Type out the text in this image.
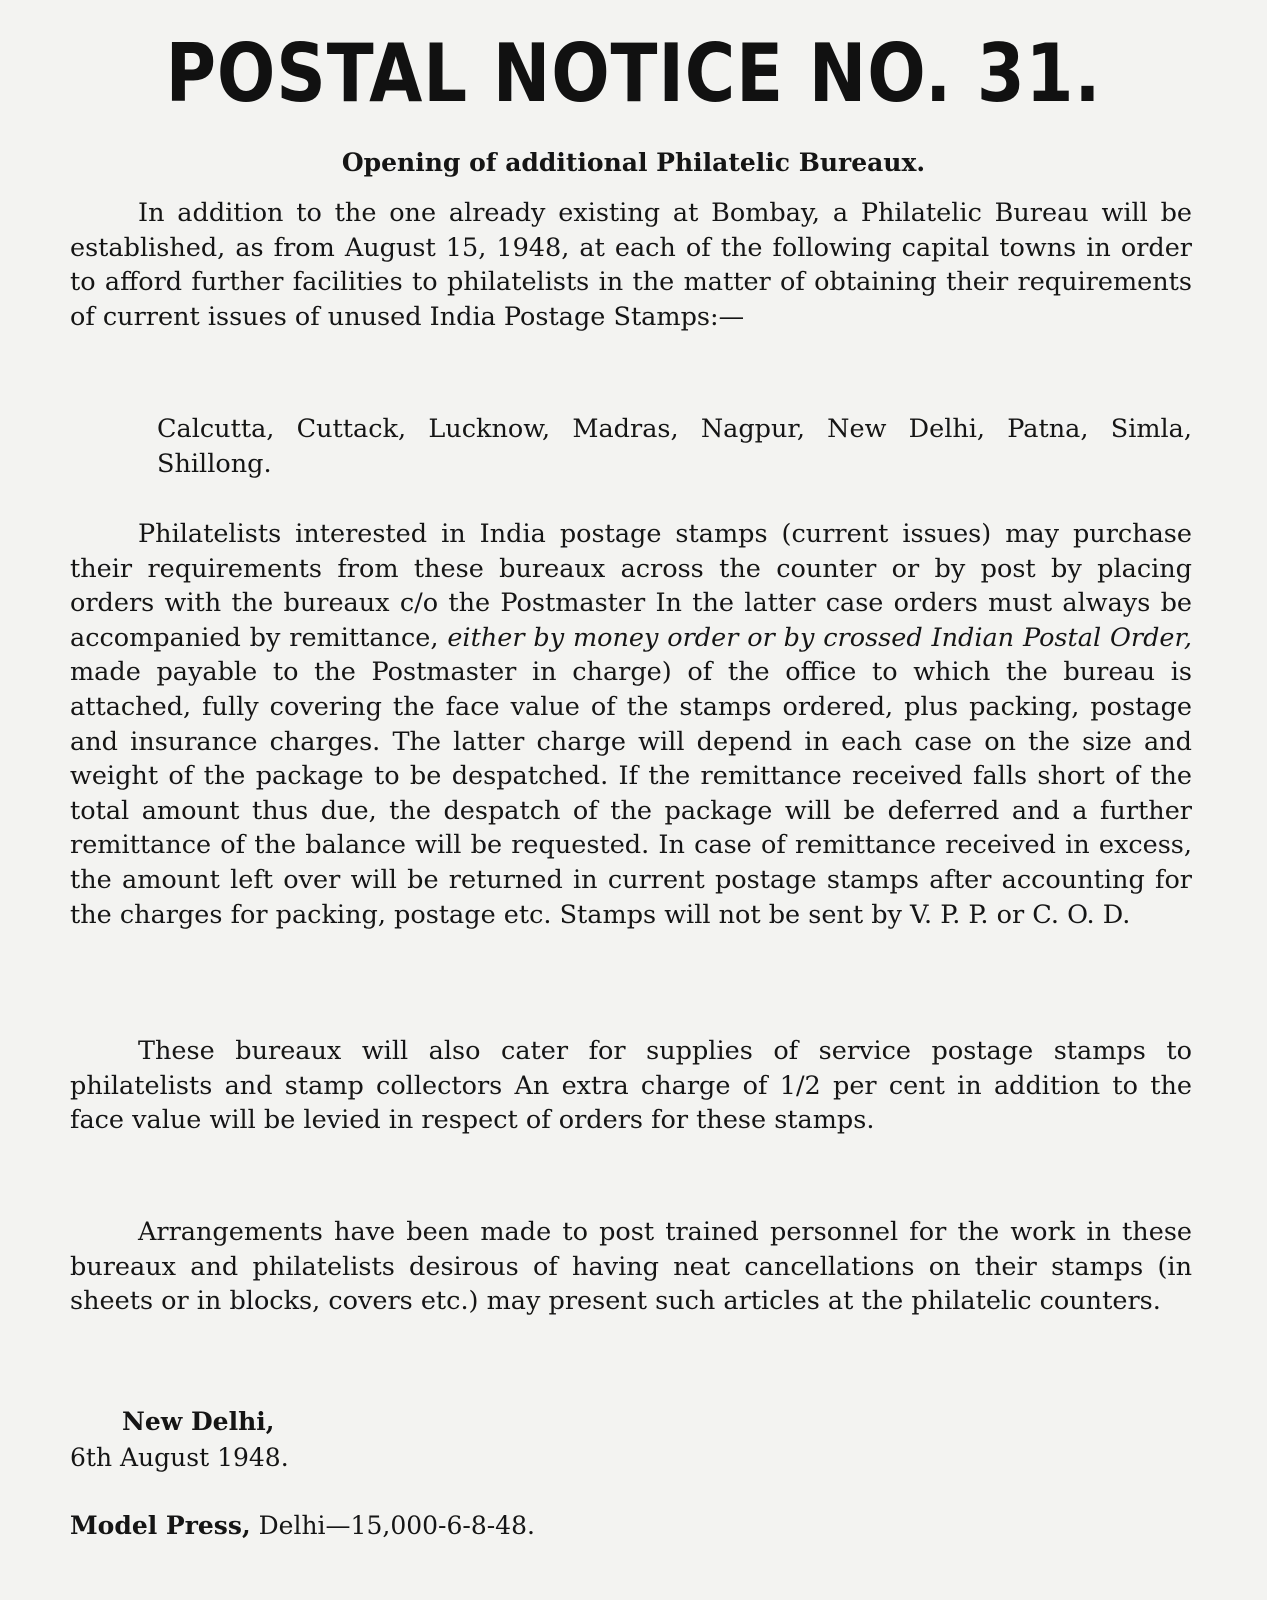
POSTAL NOTICE NO. 31.
Opening of additional Philatelic Bureaux.

In addition to the one already existing at Bombay, a Philatelic Bureau will be established, as from August 15, 1948, at each of the following capital towns in order to afford further facilities to philatelists in the matter of obtaining their requirements of current issues of unused India Postage Stamps:—

Calcutta, Cuttack, Lucknow, Madras, Nagpur, New Delhi, Patna, Simla, Shillong.

Philatelists interested in India postage stamps (current issues) may purchase their requirements from these bureaux across the counter or by post by placing orders with the bureaux c/o the Postmaster In the latter case orders must always be accompanied by remittance, either by money order or by crossed Indian Postal Order, made payable to the Postmaster in charge) of the office to which the bureau is attached, fully covering the face value of the stamps ordered, plus packing, postage and insurance charges. The latter charge will depend in each case on the size and weight of the package to be despatched. If the remittance received falls short of the total amount thus due, the despatch of the package will be deferred and a further remittance of the balance will be requested. In case of remittance received in excess, the amount left over will be returned in current postage stamps after accounting for the charges for packing, postage etc. Stamps will not be sent by V. P. P. or C. O. D.

These bureaux will also cater for supplies of service postage stamps to philatelists and stamp collectors An extra charge of 1/2 per cent in addition to the face value will be levied in respect of orders for these stamps.

Arrangements have been made to post trained personnel for the work in these bureaux and philatelists desirous of having neat cancellations on their stamps (in sheets or in blocks, covers etc.) may present such articles at the philatelic counters.

New Delhi,
6th August 1948.
Model Press, Delhi—15,000-6-8-48.
